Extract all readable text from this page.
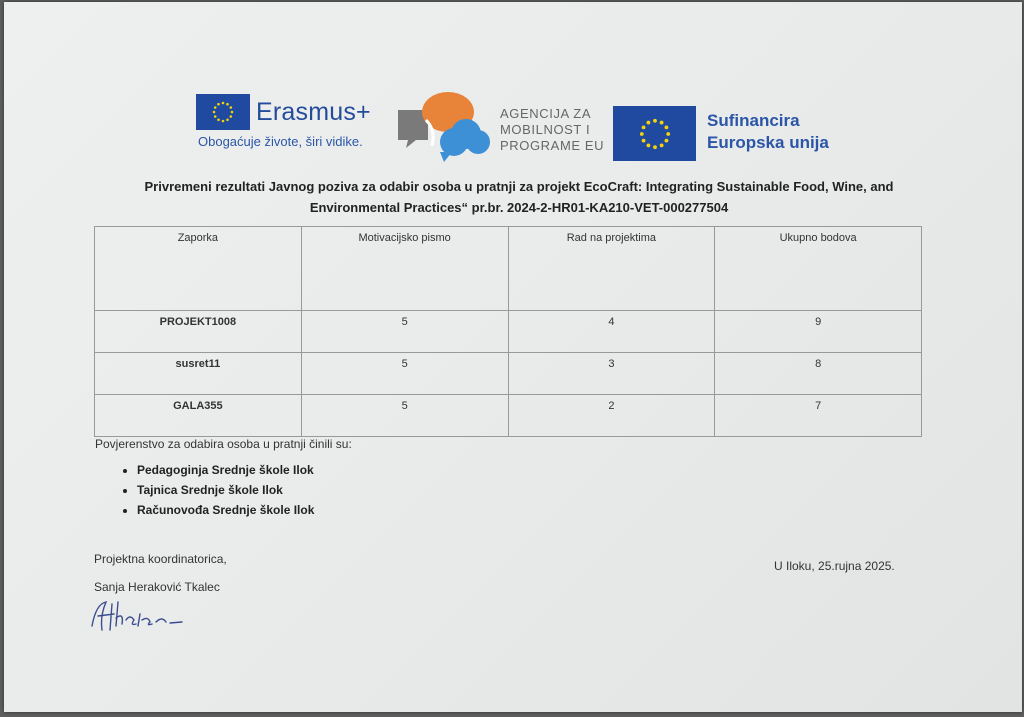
Erasmus+
Obogaćuje živote, širi vidike.
AGENCIJA ZA
MOBILNOST I
PROGRAME EU
Sufinancira
Europska unija
Privremeni rezultati Javnog poziva za odabir osoba u pratnji za projekt EcoCraft: Integrating Sustainable Food, Wine, and
Environmental Practices“ pr.br. 2024-2-HR01-KA210-VET-000277504
Zaporka	Motivacijsko pismo	Rad na projektima	Ukupno bodova
PROJEKT1008	5	4	9
susret11	5	3	8
GALA355	5	2	7
Povjerenstvo za odabira osoba u pratnji činili su:
• Pedagoginja Srednje škole Ilok
• Tajnica Srednje škole Ilok
• Računovođa Srednje škole Ilok
Projektna koordinatorica,
Sanja Heraković Tkalec
U Iloku, 25.rujna 2025.
